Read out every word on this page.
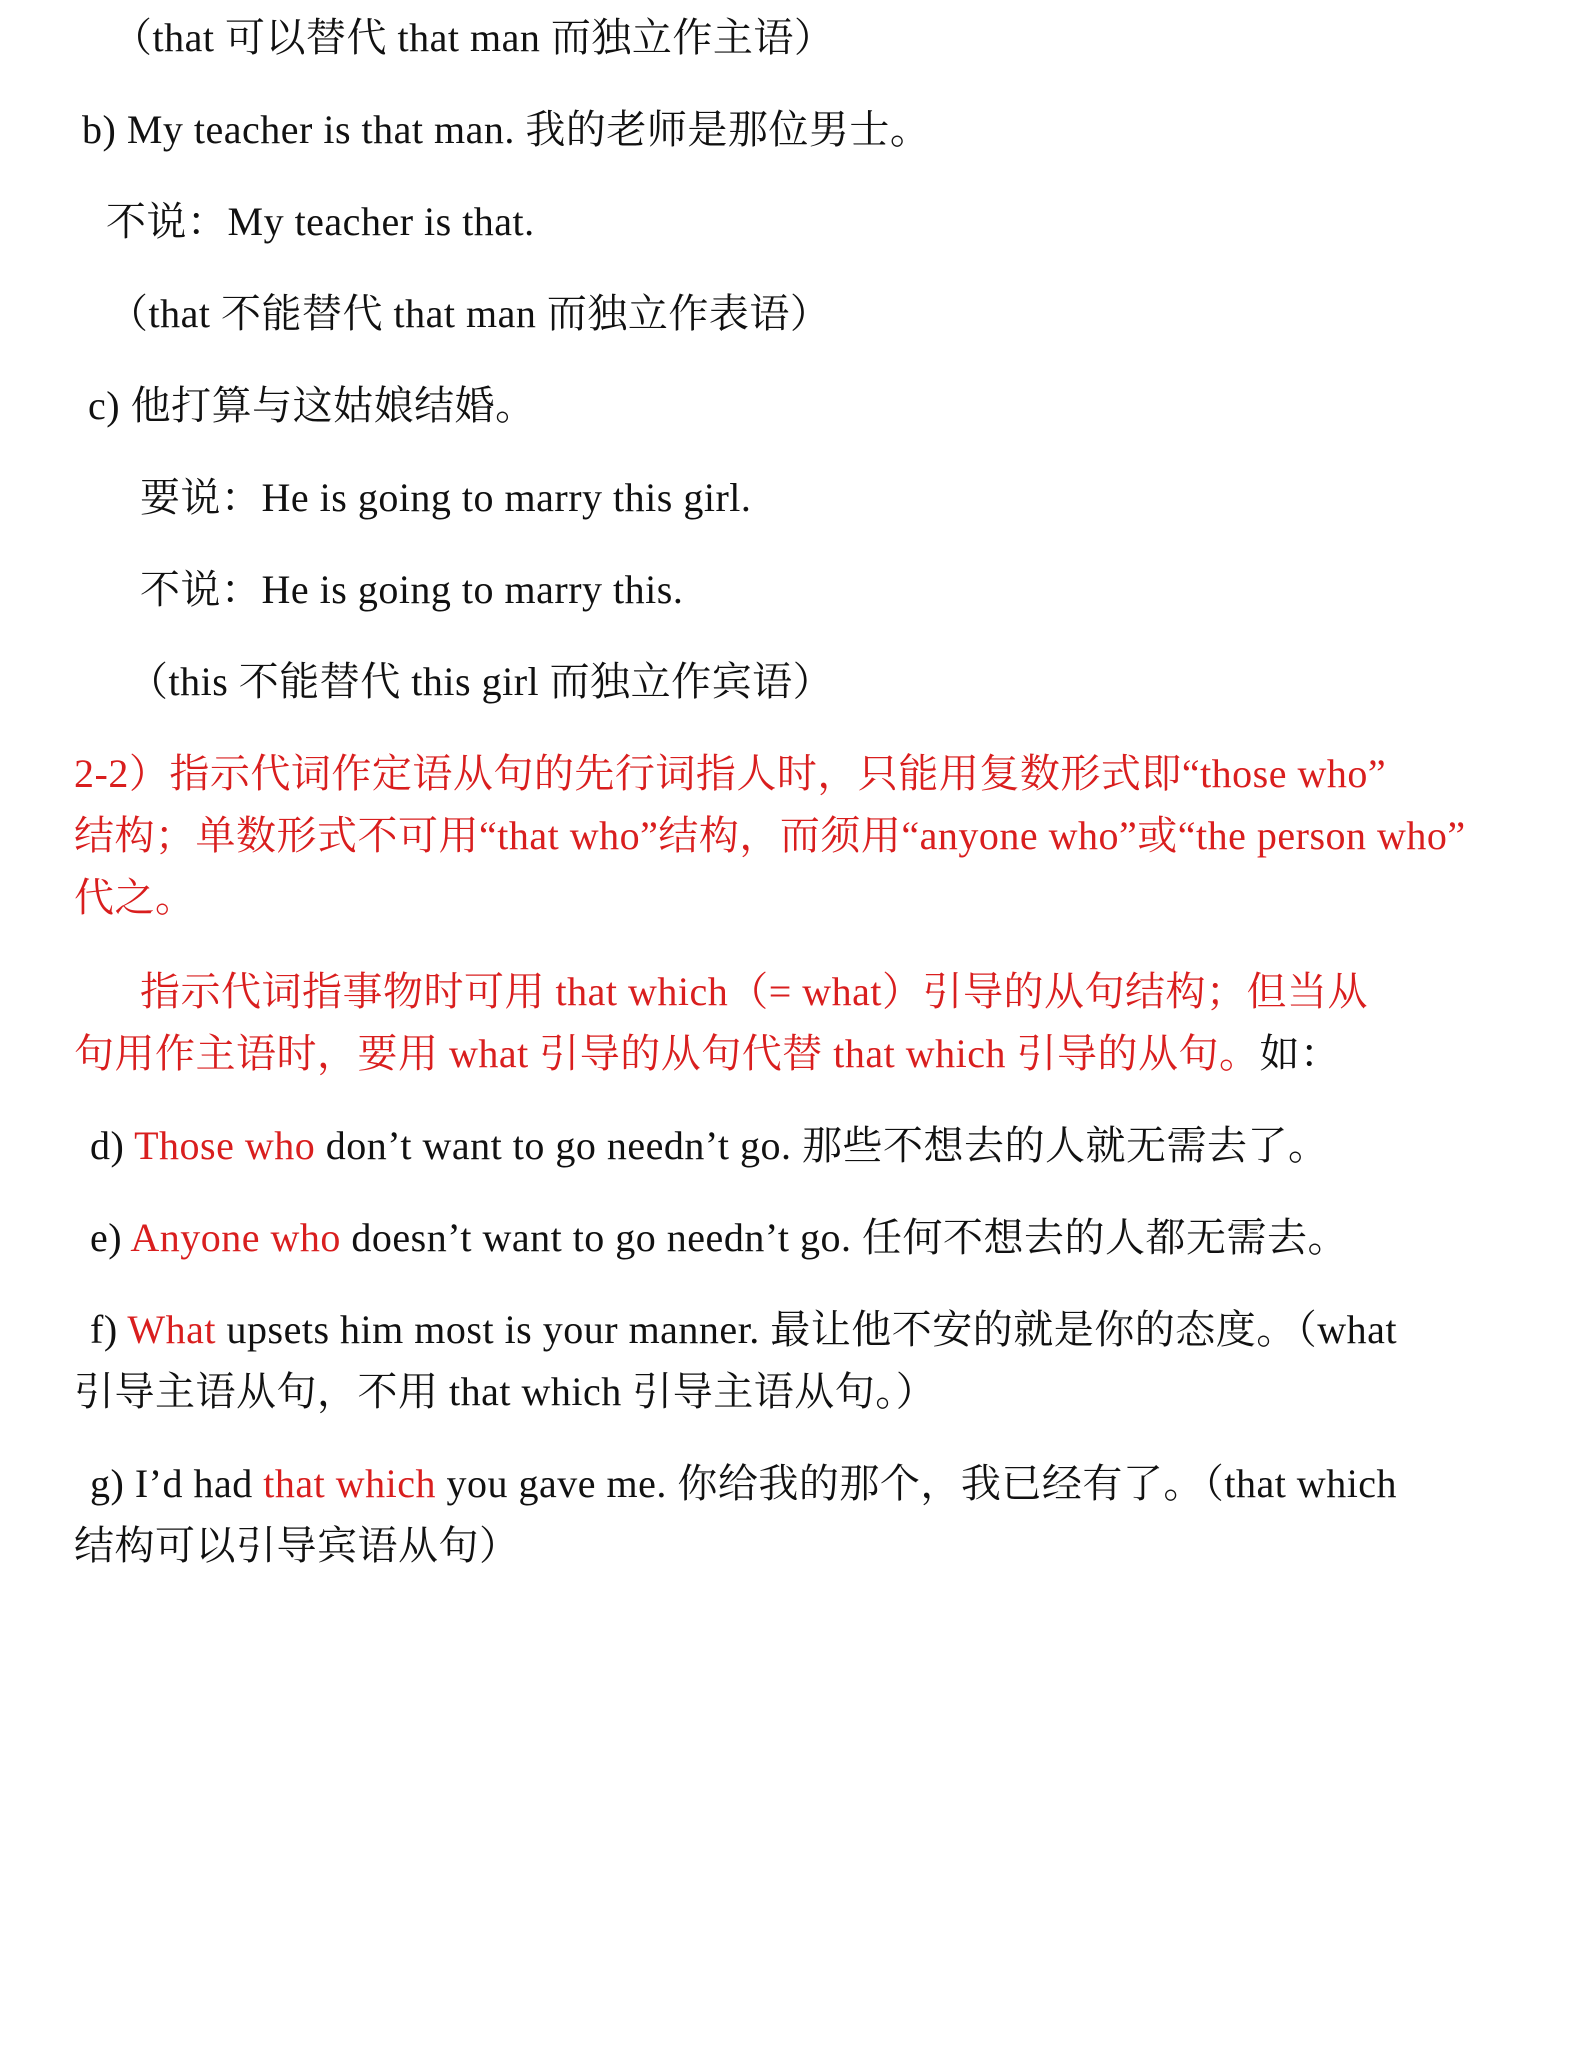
（that 可以替代 that man 而独立作主语）
b) My teacher is that man. 我的老师是那位男士。
不说：My teacher is that.
（that 不能替代 that man 而独立作表语）
c) 他打算与这姑娘结婚。
要说：He is going to marry this girl.
不说：He is going to marry this.
（this 不能替代 this girl 而独立作宾语）
2-2）指示代词作定语从句的先行词指人时，只能用复数形式即“those who”
结构；单数形式不可用“that who”结构，而须用“anyone who”或“the person who”
代之。
指示代词指事物时可用 that which（= what）引导的从句结构；但当从
句用作主语时，要用 what 引导的从句代替 that which 引导的从句。如：
d) Those who don’t want to go needn’t go. 那些不想去的人就无需去了。
e) Anyone who doesn’t want to go needn’t go. 任何不想去的人都无需去。
f) What upsets him most is your manner. 最让他不安的就是你的态度。（what
引导主语从句，不用 that which 引导主语从句。）
g) I’d had that which you gave me. 你给我的那个，我已经有了。（that which
结构可以引导宾语从句）
